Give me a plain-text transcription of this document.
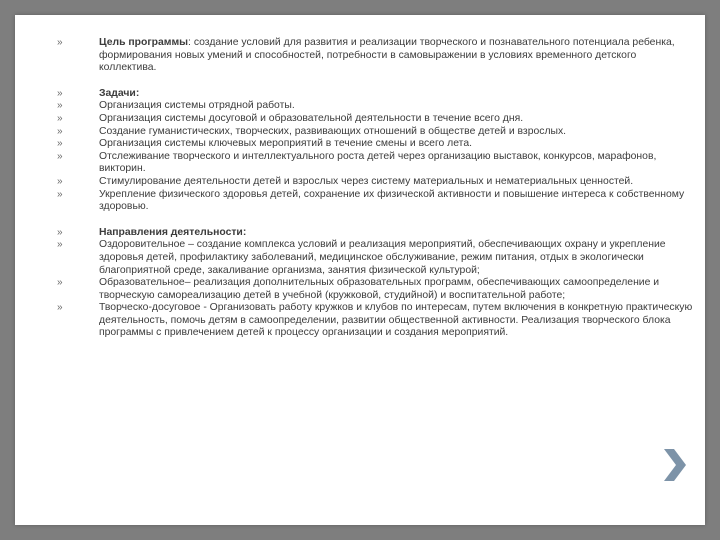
»	Цель программы: создание условий для развития и реализации творческого и познавательного потенциала ребенка, формирования новых умений и способностей, потребности в самовыражении в условиях временного детского коллектива.
»	Задачи:
»	Организация системы отрядной работы.
»	Организация системы досуговой и образовательной деятельности в течение всего дня.
»	Создание гуманистических, творческих, развивающих отношений в обществе детей и взрослых.
»	Организация системы ключевых мероприятий в течение смены и всего лета.
»	Отслеживание творческого и интеллектуального роста детей через организацию выставок, конкурсов, марафонов, викторин.
»	Стимулирование деятельности детей и взрослых через систему материальных и нематериальных ценностей.
»	Укрепление физического здоровья детей, сохранение их физической активности и повышение интереса к собственному здоровью.
»	Направления деятельности:
»	Оздоровительное – создание комплекса условий и реализация мероприятий, обеспечивающих охрану и укрепление здоровья детей, профилактику заболеваний, медицинское обслуживание, режим питания, отдых в экологически благоприятной среде, закаливание организма, занятия физической культурой;
»	Образовательное– реализация дополнительных образовательных программ, обеспечивающих самоопределение и творческую самореализацию детей в учебной (кружковой, студийной) и воспитательной работе;
»	Творческо-досуговое - Организовать работу кружков и клубов по интересам, путем включения в конкретную практическую деятельность, помочь детям в самоопределении, развитии общественной активности. Реализация творческого блока программы с привлечением детей к процессу организации и создания мероприятий.
